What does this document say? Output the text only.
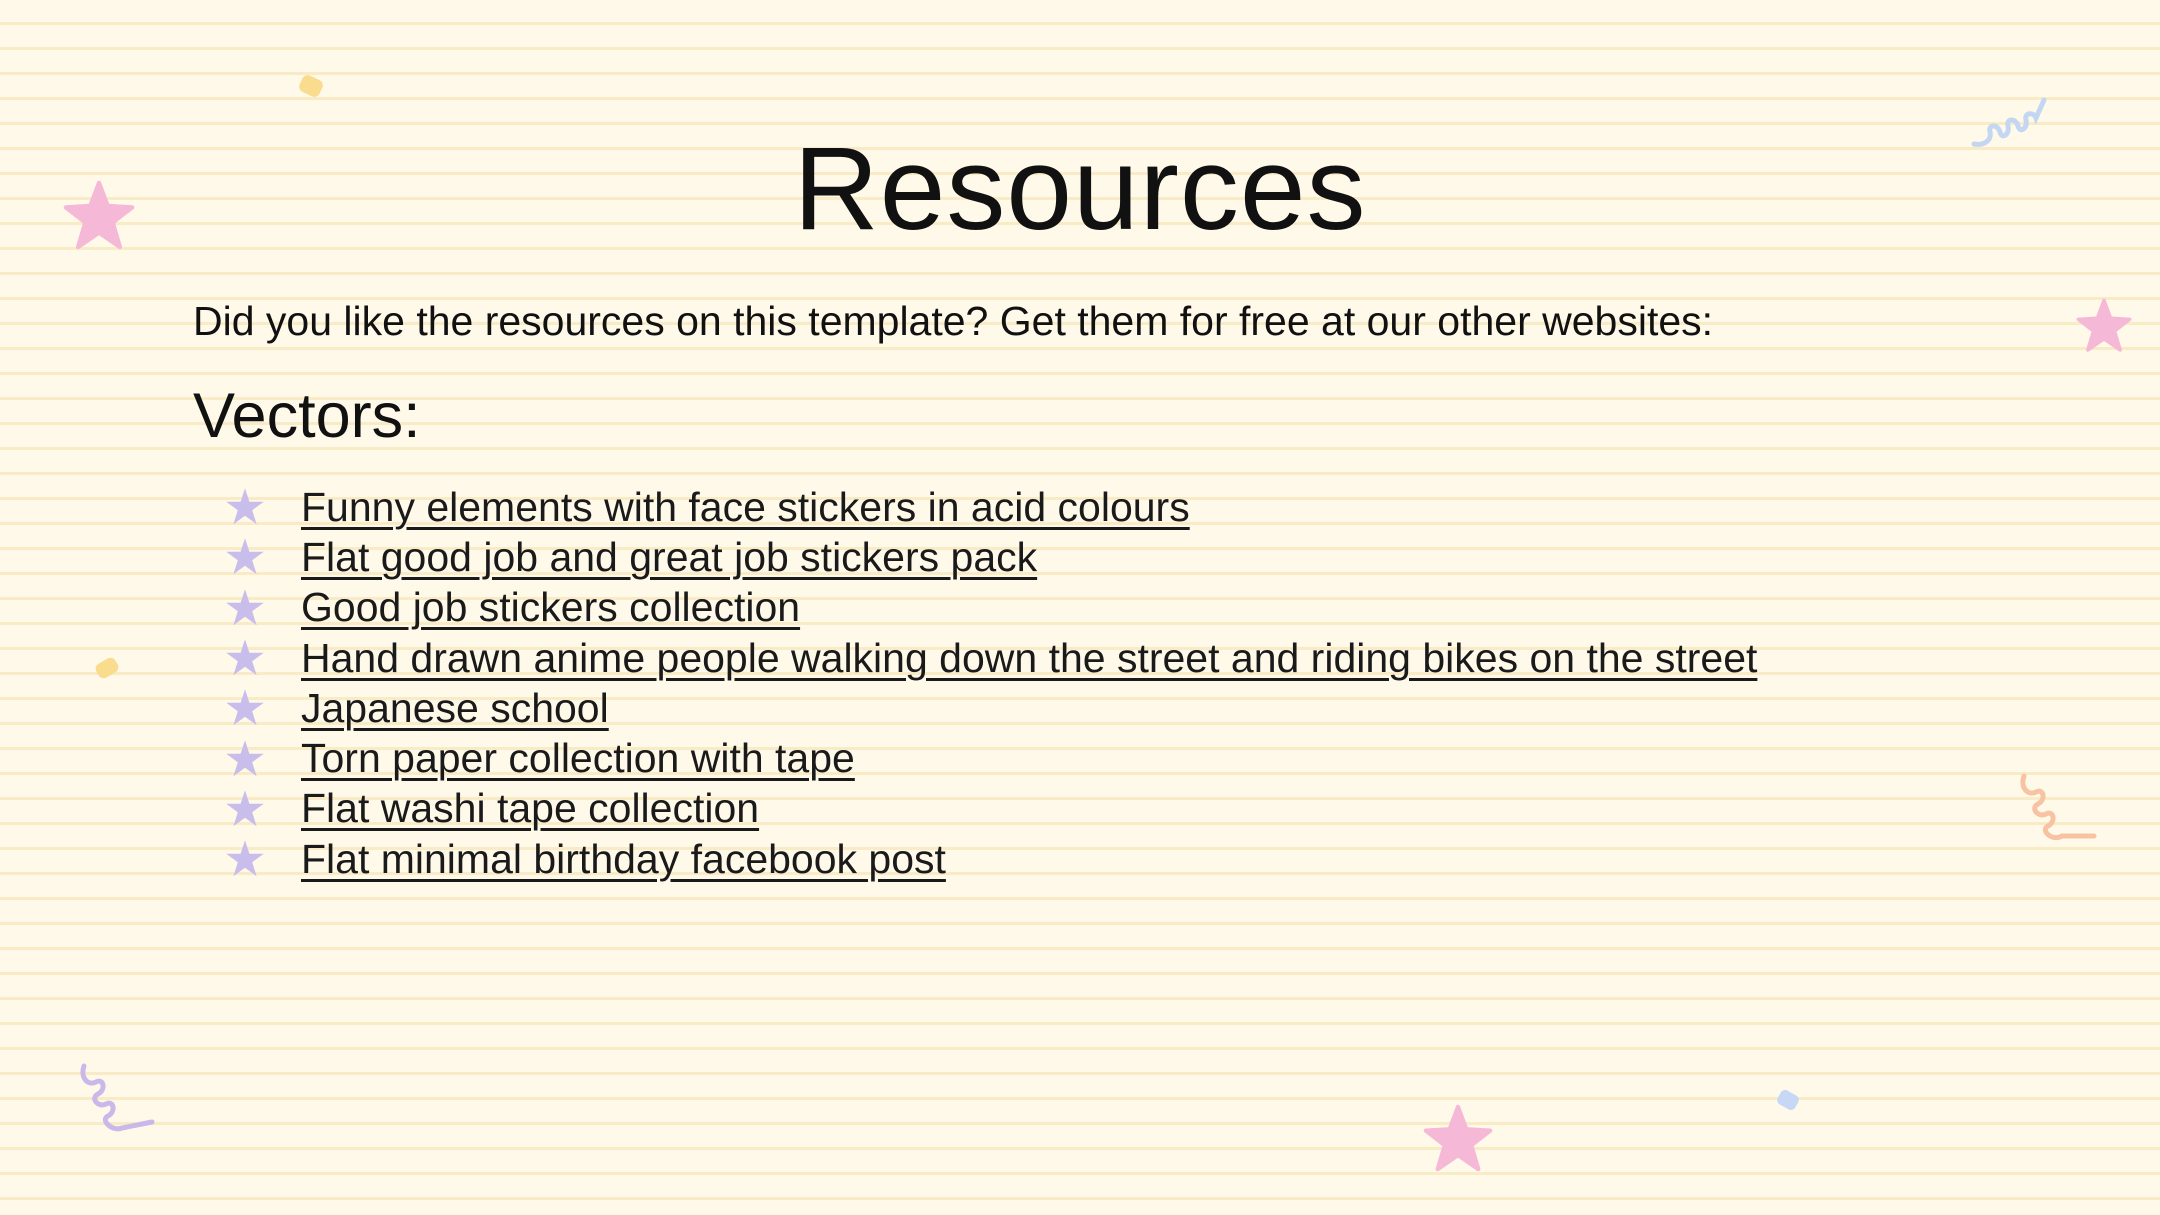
Resources

Did you like the resources on this template? Get them for free at our other websites:

Vectors:
Funny elements with face stickers in acid colours
Flat good job and great job stickers pack
Good job stickers collection
Hand drawn anime people walking down the street and riding bikes on the street
Japanese school
Torn paper collection with tape
Flat washi tape collection
Flat minimal birthday facebook post
